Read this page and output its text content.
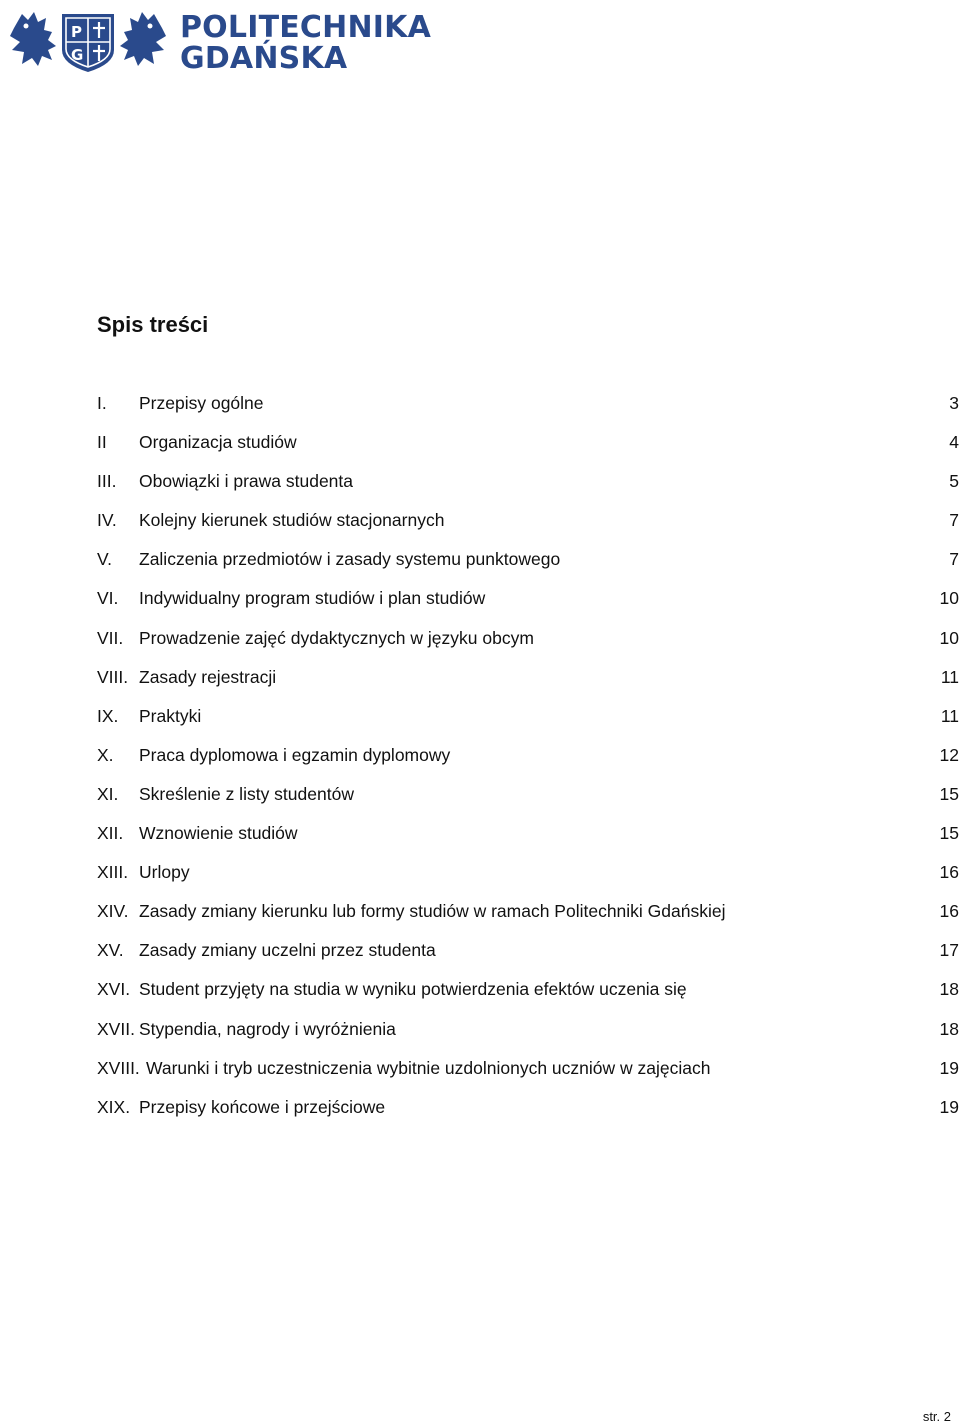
P
G
POLITECHNIKA
GDAŃSKA
Spis treści
I. Przepisy ogólne	3
II Organizacja studiów	4
III. Obowiązki i prawa studenta	5
IV. Kolejny kierunek studiów stacjonarnych	7
V. Zaliczenia przedmiotów i zasady systemu punktowego	7
VI. Indywidualny program studiów i plan studiów	10
VII. Prowadzenie zajęć dydaktycznych w języku obcym	10
VIII. Zasady rejestracji	11
IX. Praktyki	11
X. Praca dyplomowa i egzamin dyplomowy	12
XI. Skreślenie z listy studentów	15
XII. Wznowienie studiów	15
XIII. Urlopy	16
XIV. Zasady zmiany kierunku lub formy studiów w ramach Politechniki Gdańskiej	16
XV. Zasady zmiany uczelni przez studenta	17
XVI. Student przyjęty na studia w wyniku potwierdzenia efektów uczenia się	18
XVII. Stypendia, nagrody i wyróżnienia	18
XVIII. Warunki i tryb uczestniczenia wybitnie uzdolnionych uczniów w zajęciach	19
XIX. Przepisy końcowe i przejściowe	19
str. 2
